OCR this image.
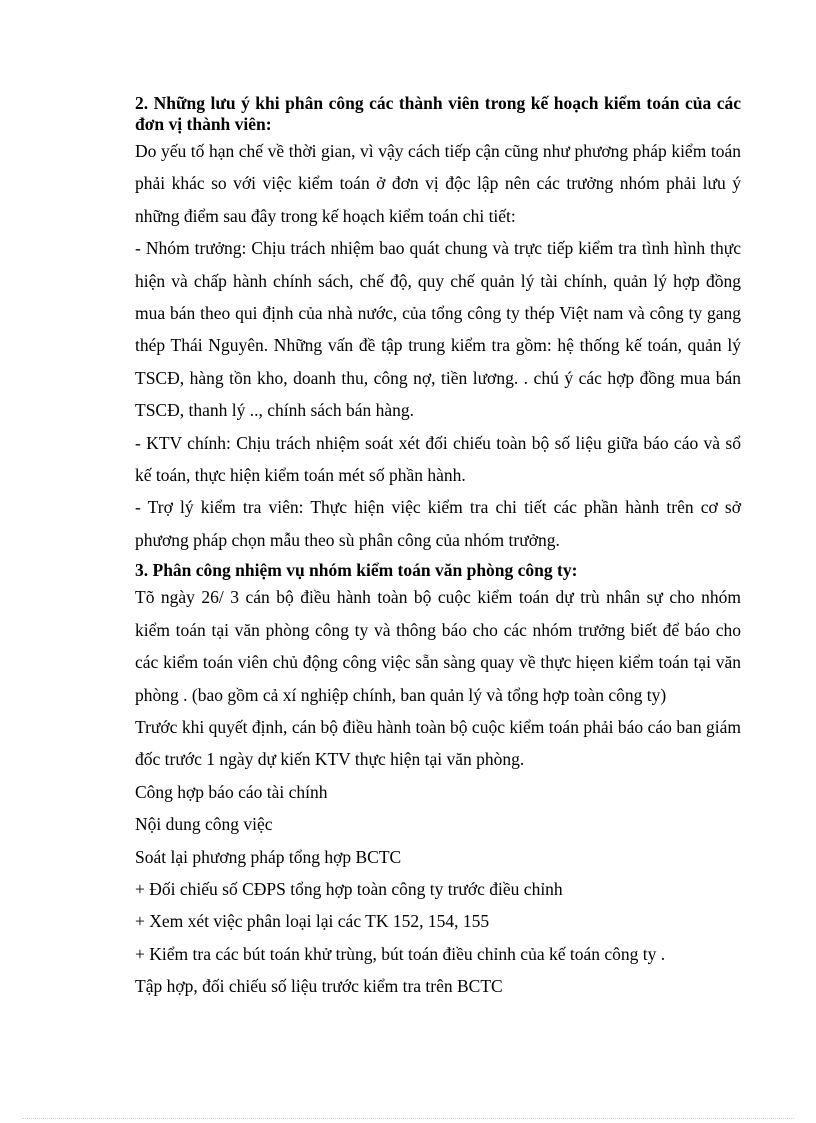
2. Những lưu ý khi phân công các thành viên trong kế hoạch kiểm toán của các đơn vị thành viên:

Do yếu tố hạn chế về thời gian, vì vậy cách tiếp cận cũng như phương pháp kiểm toán phải khác so với việc kiểm toán ở đơn vị độc lập nên các trưởng nhóm phải lưu ý những điểm sau đây trong kế hoạch kiểm toán chi tiết:

- Nhóm trưởng: Chịu trách nhiệm bao quát chung và trực tiếp kiểm tra tình hình thực hiện và chấp hành chính sách, chế độ, quy chế quản lý tài chính, quản lý hợp đồng mua bán theo qui định của nhà nước, của tổng công ty thép Việt nam và công ty gang thép Thái Nguyên. Những vấn đề tập trung kiểm tra gồm: hệ thống kế toán, quản lý TSCĐ, hàng tồn kho, doanh thu, công nợ, tiền lương. . chú ý các hợp đồng mua bán TSCĐ, thanh lý .., chính sách bán hàng.

- KTV chính: Chịu trách nhiệm soát xét đối chiếu toàn bộ số liệu giữa báo cáo và sổ kế toán, thực hiện kiểm toán mét số phần hành.

- Trợ lý kiểm tra viên: Thực hiện việc kiểm tra chi tiết các phần hành trên cơ sở phương pháp chọn mẫu theo sù phân công của nhóm trưởng.

3. Phân công nhiệm vụ nhóm kiểm toán văn phòng công ty:

Tõ ngày 26/ 3 cán bộ điều hành toàn bộ cuộc kiểm toán dự trù nhân sự cho nhóm kiểm toán tại văn phòng công ty và thông báo cho các nhóm trưởng biết để báo cho các kiểm toán viên chủ động công việc sẵn sàng quay về thực hiẹen kiểm toán tại văn phòng . (bao gồm cả xí nghiệp chính, ban quản lý và tổng hợp toàn công ty)

Trước khi quyết định, cán bộ điều hành toàn bộ cuộc kiểm toán phải báo cáo ban giám đốc trước 1 ngày dự kiến KTV thực hiện tại văn phòng.

Công hợp báo cáo tài chính

Nội dung công việc

Soát lại phương pháp tổng hợp BCTC

+ Đối chiếu số CĐPS tổng hợp toàn công ty trước điều chỉnh

+ Xem xét việc phân loại lại các TK 152, 154, 155

+ Kiểm tra các bút toán khử trùng, bút toán điều chỉnh của kế toán công ty .

Tập hợp, đối chiếu số liệu trước kiểm tra trên BCTC
